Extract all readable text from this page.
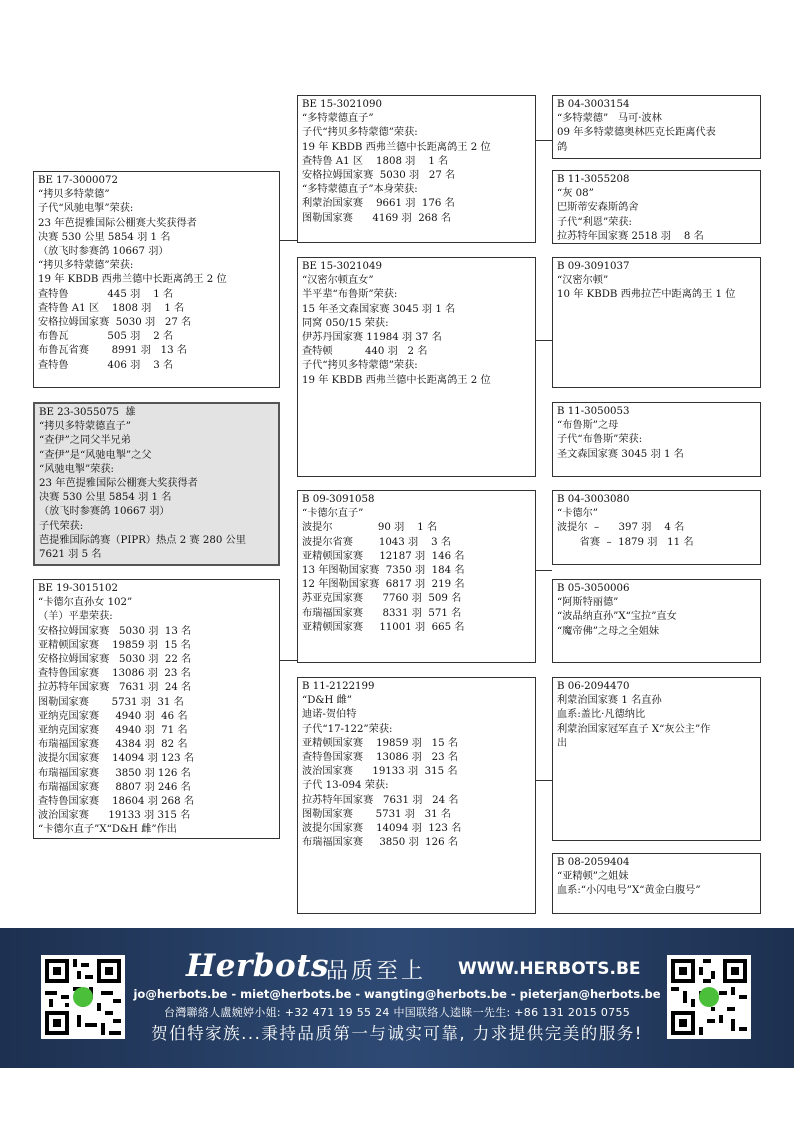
BE 17-3000072
“拷贝多特蒙德”
子代“风驰电掣”荣获:
23 年芭提雅国际公棚赛大奖获得者
决赛 530 公里 5854 羽 1 名
（放飞时参赛鸽 10667 羽）
“拷贝多特蒙德”荣获:
19 年 KBDB 西弗兰德中长距离鸽王 2 位
查特鲁            445 羽    1 名
查特鲁 A1 区    1808 羽    1 名
安格拉姆国家赛  5030 羽   27 名
布鲁瓦            505 羽    2 名
布鲁瓦省赛       8991 羽   13 名
查特鲁            406 羽    3 名
BE 23-3055075  雄
“拷贝多特蒙德直子”
“查伊”之同父半兄弟
“查伊”是“风驰电掣”之父
“风驰电掣”荣获:
23 年芭提雅国际公棚赛大奖获得者
决赛 530 公里 5854 羽 1 名
（放飞时参赛鸽 10667 羽）
子代荣获:
芭提雅国际鸽赛（PIPR）热点 2 赛 280 公里
7621 羽 5 名
BE 19-3015102
“卡德尔直孙女 102”
（羊）平辈荣获:
安格拉姆国家赛   5030 羽  13 名
亚精顿国家赛    19859 羽  15 名
安格拉姆国家赛   5030 羽  22 名
查特鲁国家赛    13086 羽  23 名
拉苏特年国家赛   7631 羽  24 名
图勒国家赛       5731 羽  31 名
亚纳克国家赛     4940 羽  46 名
亚纳克国家赛     4940 羽  71 名
布瑞福国家赛     4384 羽  82 名
波提尔国家赛    14094 羽 123 名
布瑞福国家赛     3850 羽 126 名
布瑞福国家赛     8807 羽 246 名
查特鲁国家赛    18604 羽 268 名
波治国家赛      19133 羽 315 名
“卡德尔直子”X“D&H 雌”作出
BE 15-3021090
“多特蒙德直子”
子代“拷贝多特蒙德”荣获:
19 年 KBDB 西弗兰德中长距离鸽王 2 位
查特鲁 A1 区    1808 羽    1 名
安格拉姆国家赛  5030 羽   27 名
“多特蒙德直子”本身荣获:
利蒙治国家赛    9661 羽  176 名
图勒国家赛      4169 羽  268 名
BE 15-3021049
“汉密尔顿直女”
半平辈“布鲁斯”荣获:
15 年圣文森国家赛 3045 羽 1 名
同窝 050/15 荣获:
伊苏丹国家赛 11984 羽 37 名
查特顿          440 羽   2 名
子代“拷贝多特蒙德”荣获:
19 年 KBDB 西弗兰德中长距离鸽王 2 位
B 09-3091058
“卡德尔直子”
波提尔              90 羽    1 名
波提尔省赛        1043 羽    3 名
亚精顿国家赛     12187 羽  146 名
13 年图勒国家赛  7350 羽  184 名
12 年图勒国家赛  6817 羽  219 名
苏亚克国家赛      7760 羽  509 名
布瑞福国家赛      8331 羽  571 名
亚精顿国家赛     11001 羽  665 名
B 11-2122199
“D&H 雌”
迪诺-贺伯特
子代“17-122”荣获:
亚精顿国家赛    19859 羽   15 名
查特鲁国家赛    13086 羽   23 名
波治国家赛      19133 羽  315 名
子代 13-094 荣获:
拉苏特年国家赛   7631 羽   24 名
图勒国家赛       5731 羽   31 名
波提尔国家赛    14094 羽  123 名
布瑞福国家赛     3850 羽  126 名
B 04-3003154
“多特蒙德”   马可·波林
09 年多特蒙德奥林匹克长距离代表
鸽
B 11-3055208
“灰 08”
巴斯蒂安森斯鸽舍
子代“利恩”荣获:
拉苏特年国家赛 2518 羽    8 名
B 09-3091037
“汉密尔顿”
10 年 KBDB 西弗拉芒中距离鸽王 1 位
B 11-3050053
“布鲁斯”之母
子代“布鲁斯”荣获:
圣文森国家赛 3045 羽 1 名
B 04-3003080
“卡德尔”
波提尔  –      397 羽    4 名
省赛  –  1879 羽   11 名
B 05-3050006
“阿斯特丽德”
“波晶纳直孙”X“宝拉”直女
“魔帝佛”之母之全姐妹
B 06-2094470
利蒙治国家赛 1 名直孙
血系:盖比·凡德纳比
利蒙治国家冠军直子 X“灰公主”作
出
B 08-2059404
“亚精顿”之姐妹
血系:“小闪电号”X“黄金白腹号”
Herbots
品质至上 WWW.HERBOTS.BE
jo@herbots.be - miet@herbots.be - wangting@herbots.be - pieterjan@herbots.be
台灣聯絡人盧婉婷小姐: +32 471 19 55 24 中国联络人逵睐一先生: +86 131 2015 0755
贺伯特家族...秉持品质第一与诚实可靠, 力求提供完美的服务!
